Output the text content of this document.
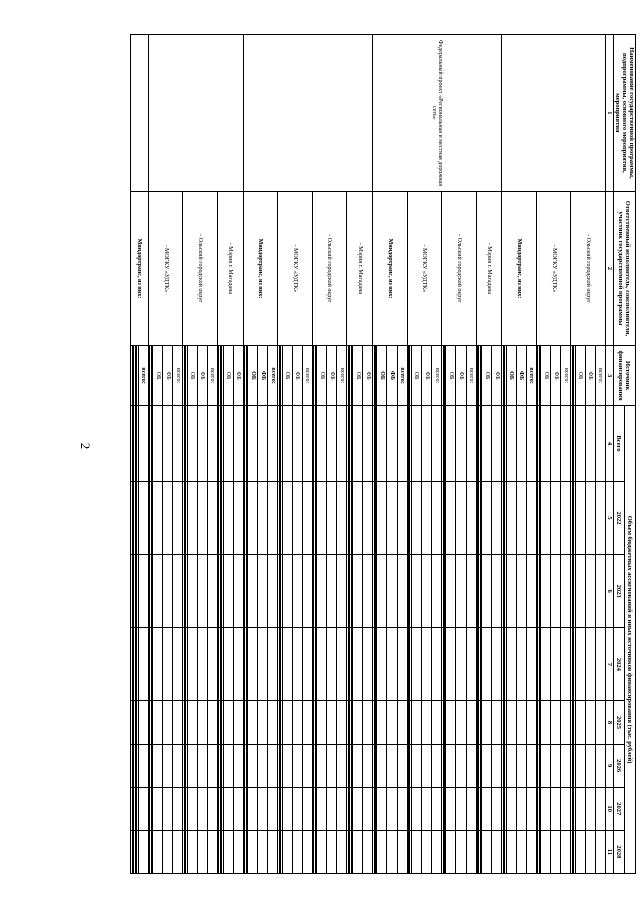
2
Наименование государственной программы, подпрограммы, основного мероприятия, мероприятия	Ответственный исполнитель, соисполнители, участник государственной программы	Источник финансирования	Объем бюджетных ассигнований и иных источников финансирования (тыс. рублей)							
			Всего	2022	2023	2024	2025	2026	2027	2028
1	2	3	4	5	6	7	8	9	10	11
	- Ольский городской округ	всего:								
		ФБ								
		ОБ								

	- МОГКУ «УДТК»	всего:								
		ФБ								
		ОБ								

	Миндортранс, из них:	всего:								
		ФБ								
		ОБ								

Федеральный проект «Региональная и местная дорожная сеть»	- Мэрия г. Магадана	ФБ								
		ОБ								

	- Ольский городской округ	всего:								
		ФБ								
		ОБ								

	- МОГКУ «УДТК»	всего:								
		ФБ								
		ОБ								

	Миндортранс, из них:	всего:								
		ФБ								
		ОБ								

	- Мэрия г. Магадана	ФБ								
		ОБ								

	- Ольский городской округ	всего:								
		ФБ								
		ОБ								

	- МОГКУ «УДТК»	всего:								
		ФБ								
		ОБ								

	Миндортранс, из них:	всего:								
		ФБ								
		ОБ								

	- Мэрия г. Магадана	ФБ								
		ОБ								

	- Ольский городской округ	всего:								
		ФБ								
		ОБ								

	- МОГКУ «УДТК»	всего:								
		ФБ								
		ОБ								

	Миндортранс, из них:	всего:								
